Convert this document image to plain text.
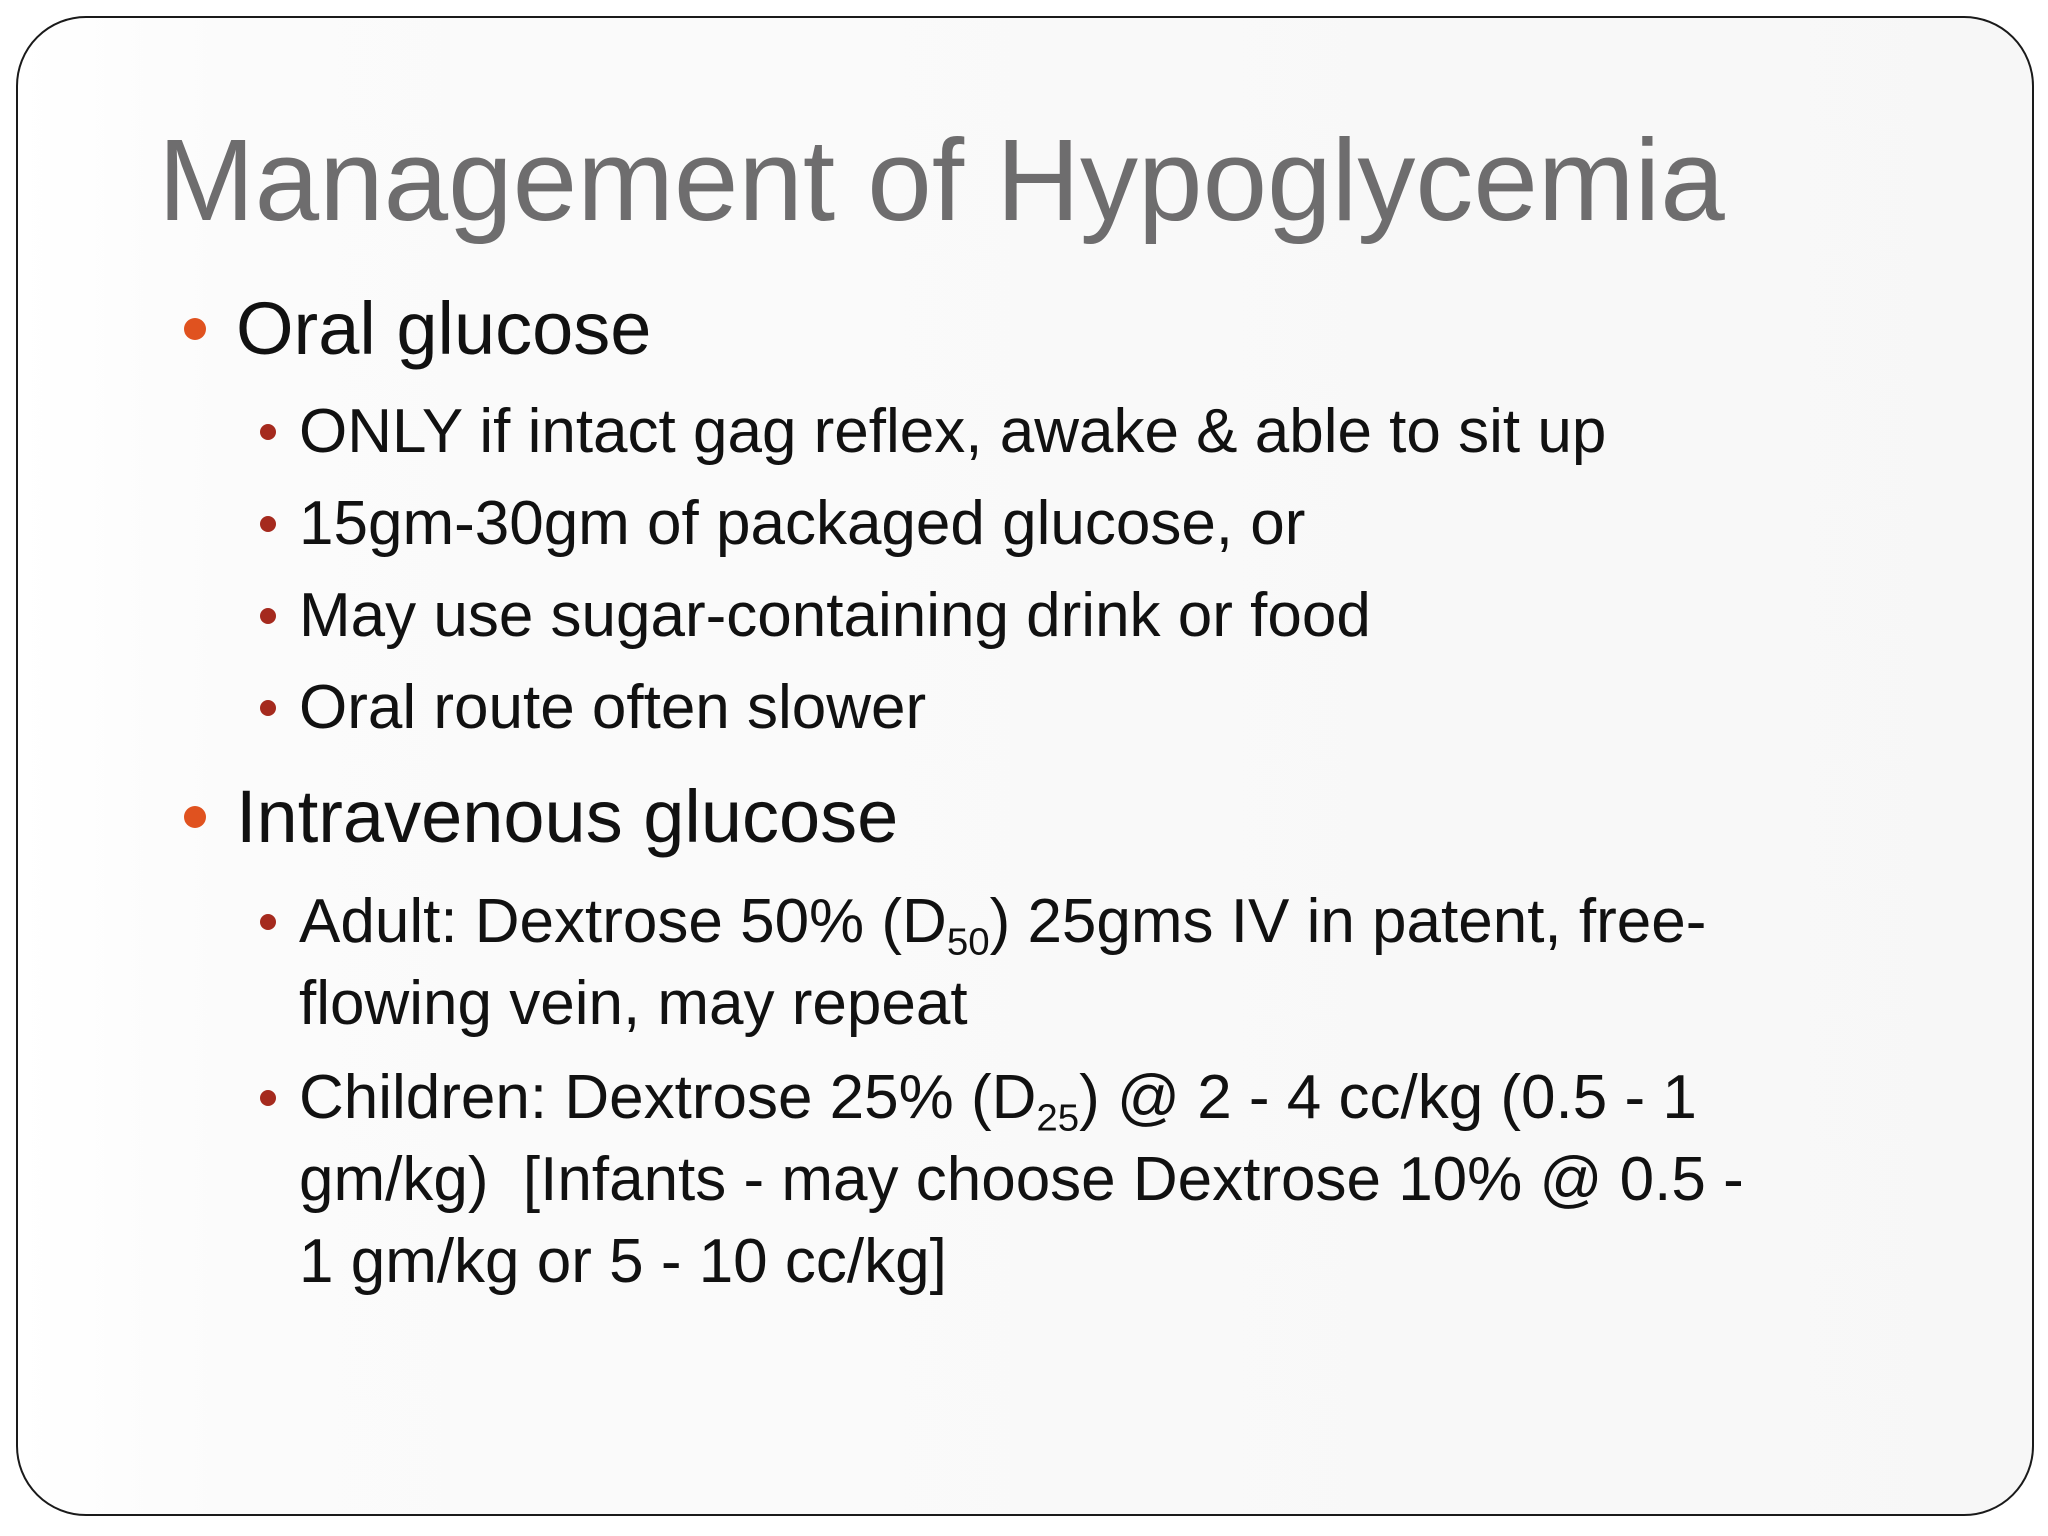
Management of Hypoglycemia
Oral glucose
ONLY if intact gag reflex, awake & able to sit up
15gm-30gm of packaged glucose, or
May use sugar-containing drink or food
Oral route often slower
Intravenous glucose
Adult: Dextrose 50% $(D_{50})$ 25gms IV in patent, free-
flowing vein, may repeat
Children: Dextrose 25% $(D_{25})$ @ 2 - 4 cc/kg (0.5 - 1
gm/kg)  [Infants - may choose Dextrose 10% @ 0.5 -
1 gm/kg or 5 - 10 cc/kg]
